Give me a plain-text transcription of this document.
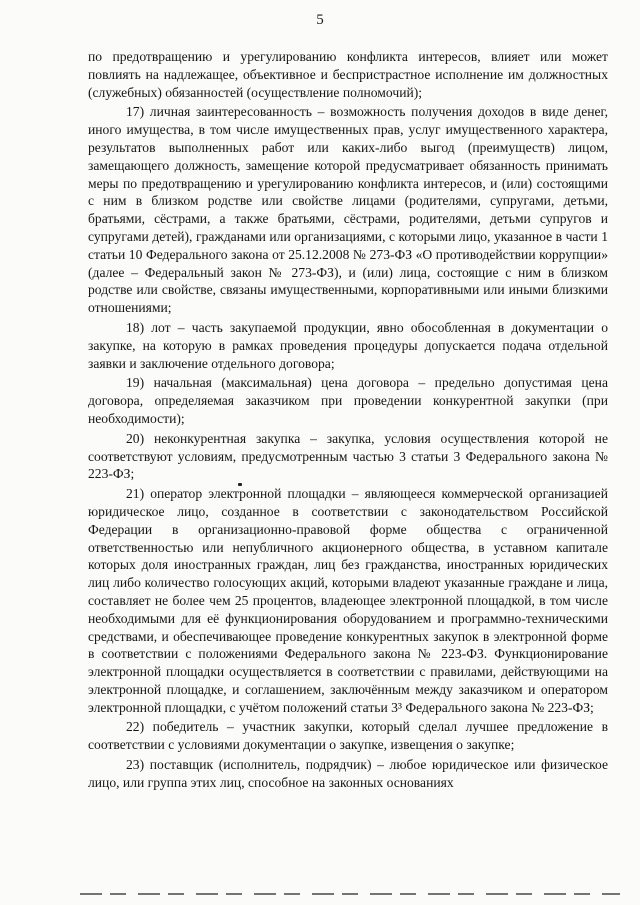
5

по предотвращению и урегулированию конфликта интересов, влияет или может повлиять на надлежащее, объективное и беспристрастное исполнение им должностных (служебных) обязанностей (осуществление полномочий);

17) личная заинтересованность – возможность получения доходов в виде денег, иного имущества, в том числе имущественных прав, услуг имущественного характера, результатов выполненных работ или каких-либо выгод (преимуществ) лицом, замещающего должность, замещение которой предусматривает обязанность принимать меры по предотвращению и урегулированию конфликта интересов, и (или) состоящими с ним в близком родстве или свойстве лицами (родителями, супругами, детьми, братьями, сёстрами, а также братьями, сёстрами, родителями, детьми супругов и супругами детей), гражданами или организациями, с которыми лицо, указанное в части 1 статьи 10 Федерального закона от 25.12.2008 № 273-ФЗ «О противодействии коррупции» (далее – Федеральный закон № 273-ФЗ), и (или) лица, состоящие с ним в близком родстве или свойстве, связаны имущественными, корпоративными или иными близкими отношениями;

18) лот – часть закупаемой продукции, явно обособленная в документации о закупке, на которую в рамках проведения процедуры допускается подача отдельной заявки и заключение отдельного договора;

19) начальная (максимальная) цена договора – предельно допустимая цена договора, определяемая заказчиком при проведении конкурентной закупки (при необходимости);

20) неконкурентная закупка – закупка, условия осуществления которой не соответствуют условиям, предусмотренным частью 3 статьи 3 Федерального закона № 223-ФЗ;

21) оператор электронной площадки – являющееся коммерческой организацией юридическое лицо, созданное в соответствии с законодательством Российской Федерации в организационно-правовой форме общества с ограниченной ответственностью или непубличного акционерного общества, в уставном капитале которых доля иностранных граждан, лиц без гражданства, иностранных юридических лиц либо количество голосующих акций, которыми владеют указанные граждане и лица, составляет не более чем 25 процентов, владеющее электронной площадкой, в том числе необходимыми для её функционирования оборудованием и программно-техническими средствами, и обеспечивающее проведение конкурентных закупок в электронной форме в соответствии с положениями Федерального закона № 223-ФЗ. Функционирование электронной площадки осуществляется в соответствии с правилами, действующими на электронной площадке, и соглашением, заключённым между заказчиком и оператором электронной площадки, с учётом положений статьи 3³ Федерального закона № 223-ФЗ;

22) победитель – участник закупки, который сделал лучшее предложение в соответствии с условиями документации о закупке, извещения о закупке;

23) поставщик (исполнитель, подрядчик) – любое юридическое или физическое лицо, или группа этих лиц, способное на законных основаниях
